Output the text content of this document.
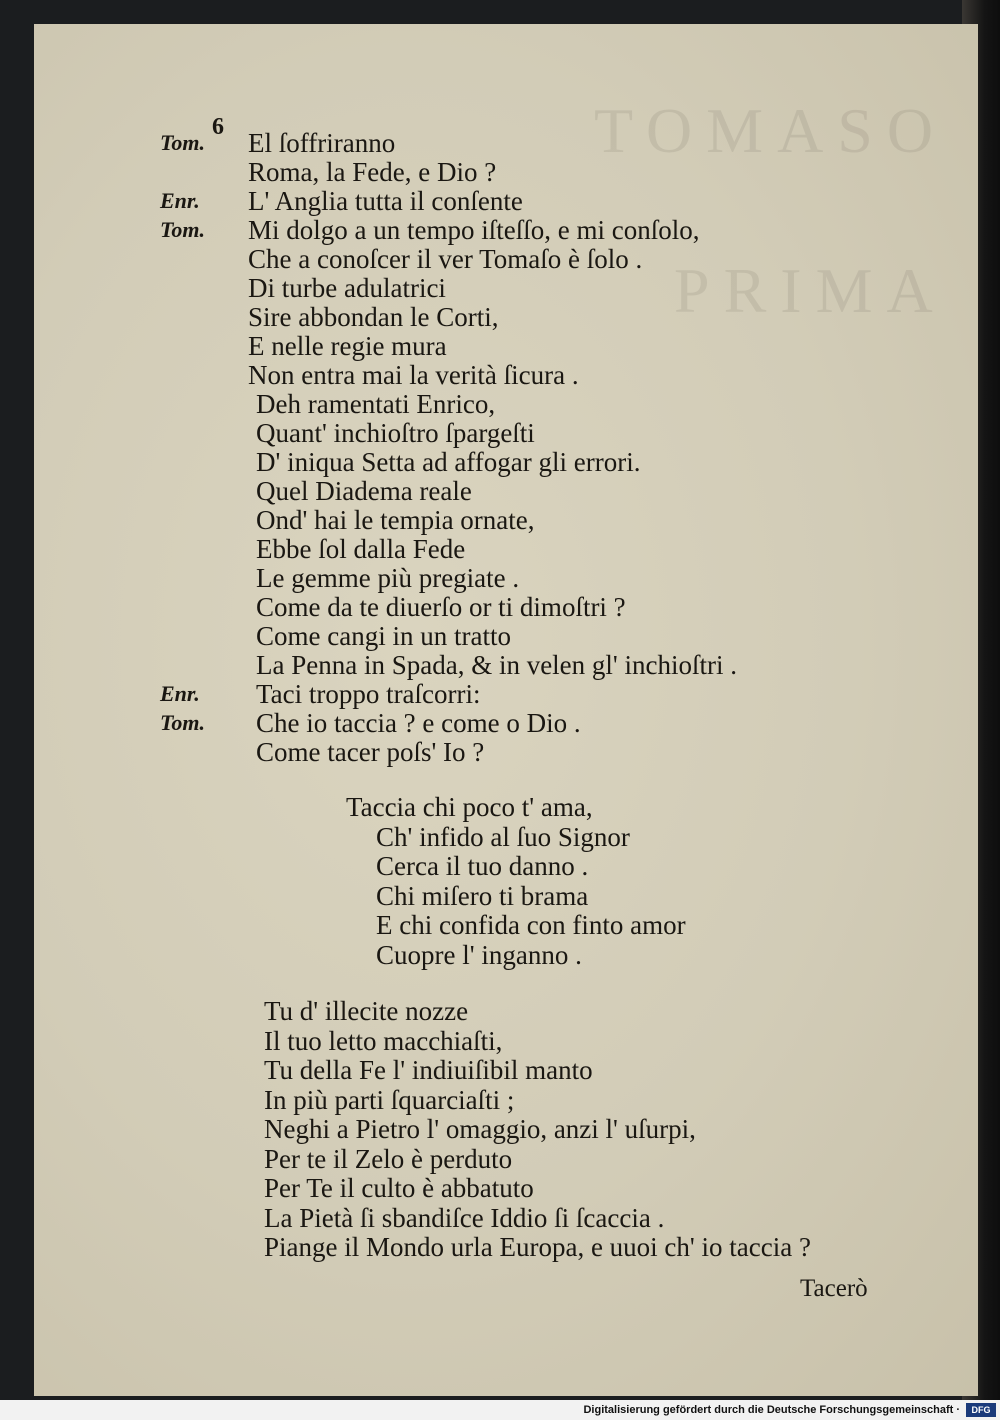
TOMASO
PRIMA
6
Tom.	El ſoffriranno
Roma, la Fede, e Dio ?
Enr.	L' Anglia tutta il conſente
Tom.	Mi dolgo a un tempo iſteſſo, e mi conſolo,
Che a conoſcer il ver Tomaſo è ſolo .
Di turbe adulatrici
Sire abbondan le Corti,
E nelle regie mura
Non entra mai la verità ſicura .
Deh ramentati Enrico,
Quant' inchioſtro ſpargeſti
D' iniqua Setta ad affogar gli errori.
Quel Diadema reale
Ond' hai le tempia ornate,
Ebbe ſol dalla Fede
Le gemme più pregiate .
Come da te diuerſo or ti dimoſtri ?
Come cangi in un tratto
La Penna in Spada, & in velen gl' inchioſtri .
Enr.	Taci troppo traſcorri:
Tom.	Che io taccia ? e come o Dio .
Come tacer poſs' Io ?
Taccia chi poco t' ama,
Ch' infido al ſuo Signor
Cerca il tuo danno .
Chi miſero ti brama
E chi confida con finto amor
Cuopre l' inganno .
Tu d' illecite nozze
Il tuo letto macchiaſti,
Tu della Fe l' indiuiſibil manto
In più parti ſquarciaſti ;
Neghi a Pietro l' omaggio, anzi l' uſurpi,
Per te il Zelo è perduto
Per Te il culto è abbatuto
La Pietà ſi sbandiſce Iddio ſi ſcaccia .
Piange il Mondo urla Europa, e uuoi ch' io taccia ?
Tacerò
Digitalisierung gefördert durch die Deutsche Forschungsgemeinschaft ·	DFG
